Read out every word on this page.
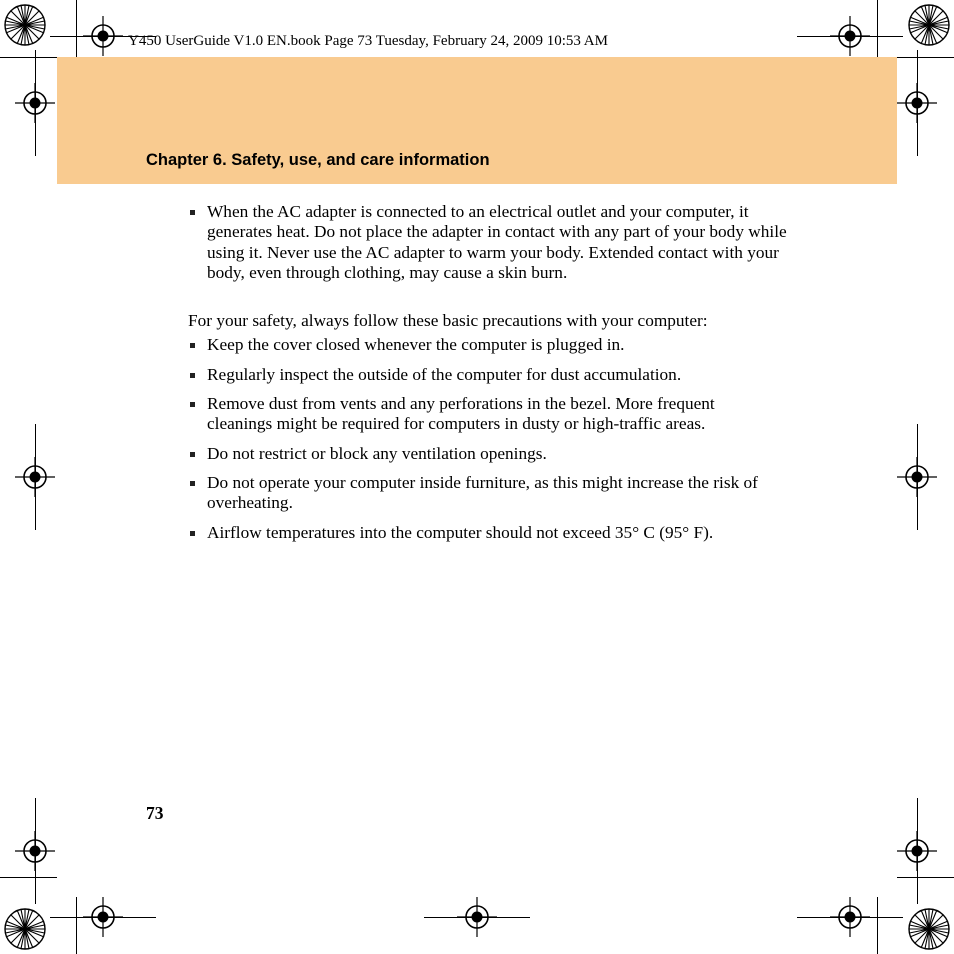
Y450 UserGuide V1.0 EN.book Page 73 Tuesday, February 24, 2009 10:53 AM
Chapter 6. Safety, use, and care information
When the AC adapter is connected to an electrical outlet and your computer, it generates heat. Do not place the adapter in contact with any part of your body while using it. Never use the AC adapter to warm your body. Extended contact with your body, even through clothing, may cause a skin burn.
For your safety, always follow these basic precautions with your computer:
Keep the cover closed whenever the computer is plugged in.
Regularly inspect the outside of the computer for dust accumulation.
Remove dust from vents and any perforations in the bezel. More frequent cleanings might be required for computers in dusty or high-traffic areas.
Do not restrict or block any ventilation openings.
Do not operate your computer inside furniture, as this might increase the risk of overheating.
Airflow temperatures into the computer should not exceed 35° C (95° F).
73
